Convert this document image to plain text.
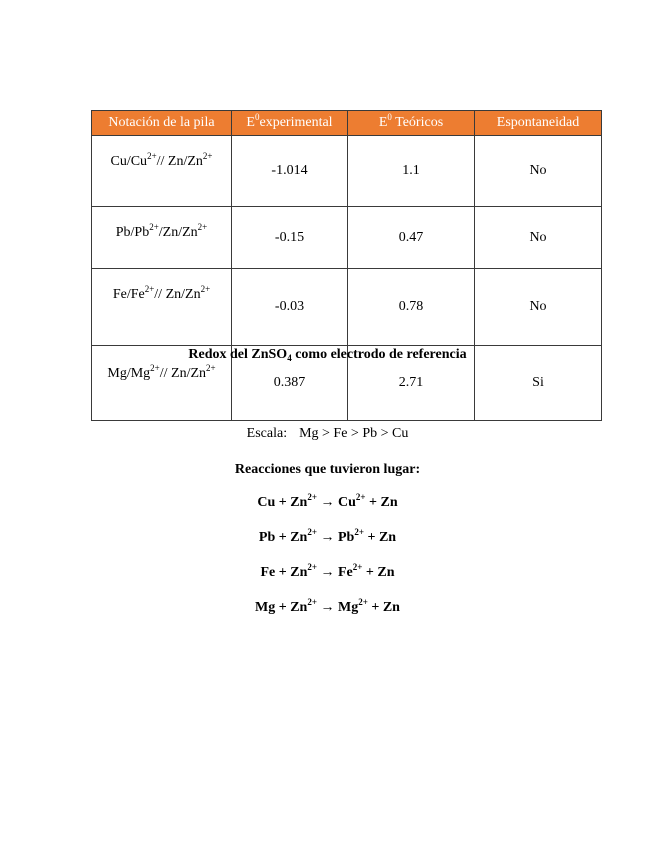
Notación de la pila	$E^0experimental$	$E^0$ Teóricos	Espontaneidad
$Cu/Cu^{2+}//$ $Zn/Zn^{2+}$	-1.014	1.1	No
$Pb/Pb^{2+}/Zn/Zn^{2+}$	-0.15	0.47	No
$Fe/Fe^{2+}//$ $Zn/Zn^{2+}$	-0.03	0.78	No
$Mg/Mg^{2+}//$ $Zn/Zn^{2+}$	0.387	2.71	Si
Redox del ZnSO$_4$ como electrodo de referencia
Escala: Mg > Fe > Pb > Cu
Reacciones que tuvieron lugar:
$Cu + Zn^{2+} \to Cu^{2+} + Zn$
$Pb + Zn^{2+} \to Pb^{2+} + Zn$
$Fe + Zn^{2+} \to Fe^{2+} + Zn$
$Mg + Zn^{2+} \to Mg^{2+} + Zn$
